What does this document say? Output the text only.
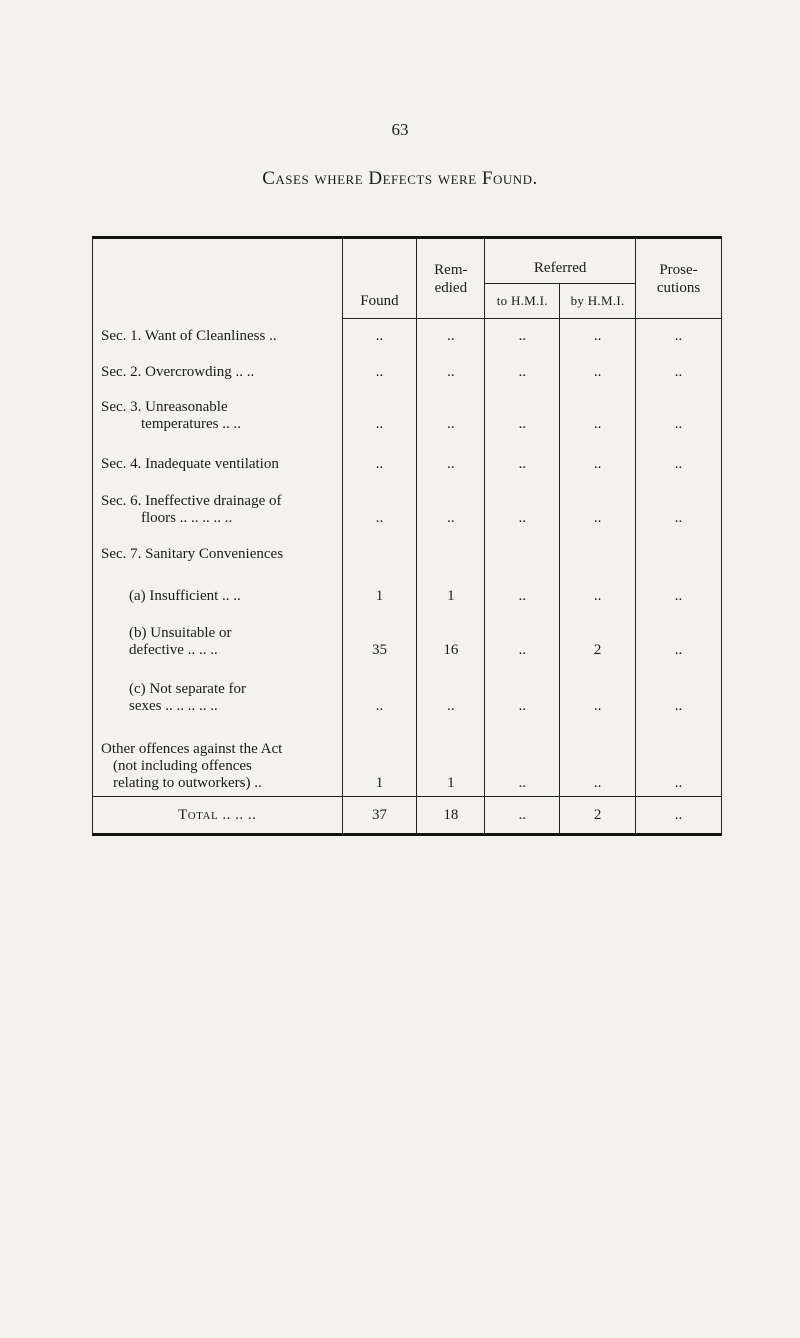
63
Cases where Defects were Found.
	Found	Rem- edied	Referred		Prose- cutions
			to H.M.I.	by H.M.I.	
Sec. 1. Want of Cleanliness ..	..	..	..	..	..
Sec. 2. Overcrowding .. ..	..	..	..	..	..

Sec. 3. Unreasonable
temperatures .. ..	..	..	..	..	..
Sec. 4. Inadequate ventilation	..	..	..	..	..

Sec. 6. Ineffective drainage of
floors .. .. .. .. ..	..	..	..	..	..
Sec. 7. Sanitary Conveniences					

(a) Insufficient .. ..	1	1	..	..	..

(b) Unsuitable or
defective .. .. ..	35	16	..	2	..

(c) Not separate for
sexes .. .. .. .. ..	..	..	..	..	..

Other offences against the Act
(not including offences
relating to outworkers) ..	1	1	..	..	..
Total .. .. ..	37	18	..	2	..
